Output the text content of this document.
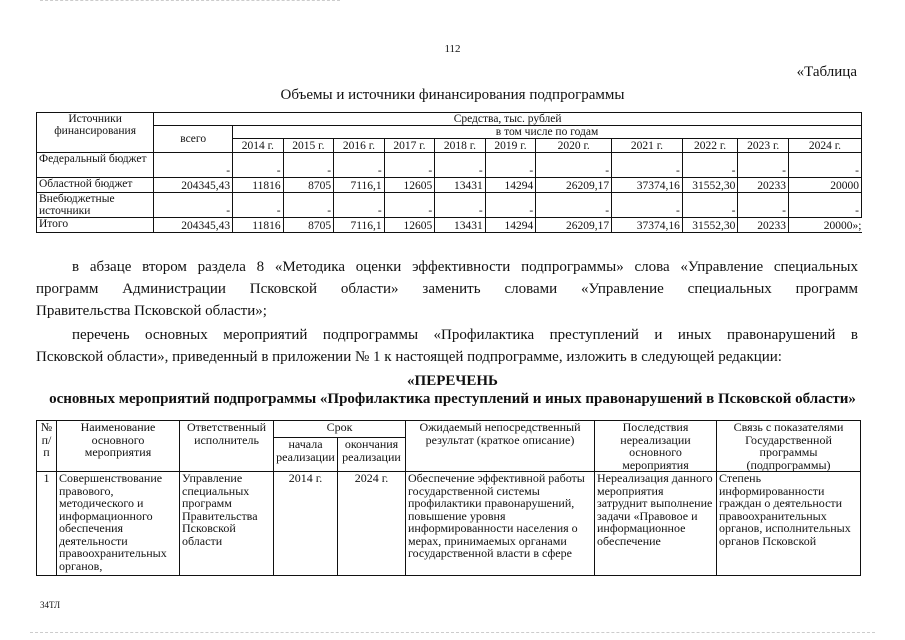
112
«Таблица
Объемы и источники финансирования подпрограммы
Источники финансирования	Средства, тыс. рублей											
	всего	в том числе по годам										
		2014 г.	2015 г.	2016 г.	2017 г.	2018 г.	2019 г.	2020 г.	2021 г.	2022 г.	2023 г.	2024 г.
Федеральный бюджет	-	-	-	-	-	-	-	-	-	-	-	-
Областной бюджет	204345,43	11816	8705	7116,1	12605	13431	14294	26209,17	37374,16	31552,30	20233	20000
Внебюджетные источники	-	-	-	-	-	-	-	-	-	-	-	-
Итого	204345,43	11816	8705	7116,1	12605	13431	14294	26209,17	37374,16	31552,30	20233	20000»;
в абзаце втором раздела 8 «Методика оценки эффективности подпрограммы» слова «Управление специальных
программ Администрации Псковской области» заменить словами «Управление специальных программ
Правительства Псковской области»;
перечень основных мероприятий подпрограммы «Профилактика преступлений и иных правонарушений в
Псковской области», приведенный в приложении № 1 к настоящей подпрограмме, изложить в следующей редакции:
«ПЕРЕЧЕНЬ
основных мероприятий подпрограммы «Профилактика преступлений и иных правонарушений в Псковской области»
№ п/п	Наименование основного мероприятия	Ответственный исполнитель	Срок		Ожидаемый непосредственный результат (краткое описание)	Последствия нереализации основного мероприятия	Связь с показателями Государственной программы (подпрограммы)
			начала реализации	окончания реализации			
1	Совершенствование правового, методического и информационного обеспечения деятельности правоохранительных органов,	Управление специальных программ Правительства Псковской области	2014 г.	2024 г.	Обеспечение эффективной работы государственной системы профилактики правонарушений, повышение уровня информированности населения о мерах, принимаемых органами государственной власти в сфере	Нереализация данного мероприятия затруднит выполнение задачи «Правовое и информационное обеспечение	Степень информированности граждан о деятельности правоохранительных органов, исполнительных органов Псковской
34ТЛ
